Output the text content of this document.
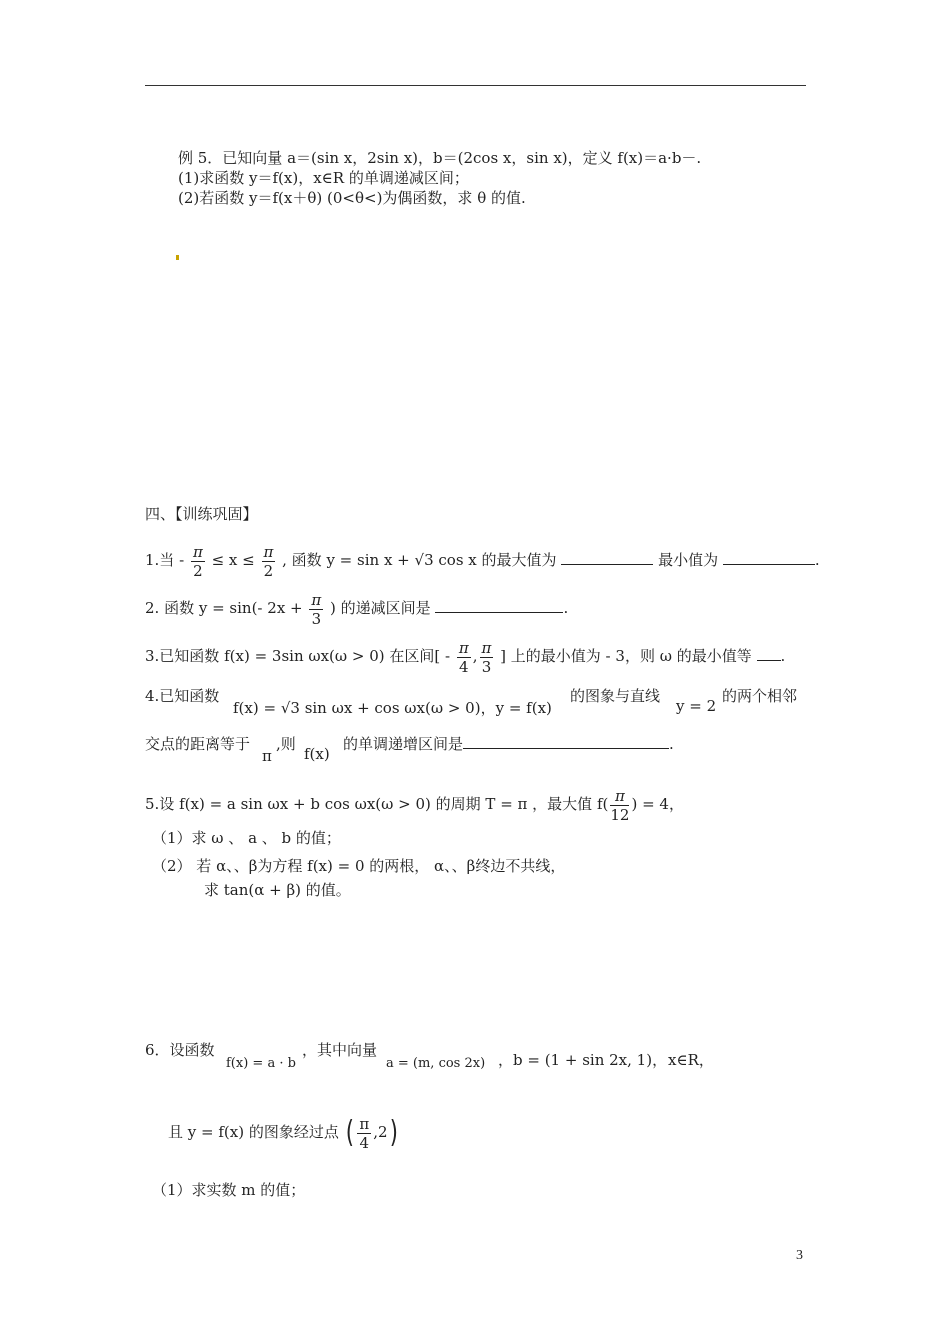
例 5．已知向量 a＝(sin x，2sin x)，b＝(2cos x，sin x)，定义 f(x)＝a·b－.
(1)求函数 y＝f(x)，x∈R 的单调递减区间；
(2)若函数 y＝f(x＋θ) (0<θ<)为偶函数，求 θ 的值.
四、【训练巩固】
1.当 - $\frac{\pi}{2} \le x \le \frac{\pi}{2}$ , 函数 y = sin x + √3 cos x 的最大值为	最小值为	.
2. 函数 y = sin(- $2x + \frac{\pi}{3}$ ) 的递减区间是	.
3.已知函数 f(x) = 3sin ωx(ω > 0) 在区间[ - $\frac{\pi}{4}$ , $\frac{\pi}{3}$ ] 上的最小值为 - 3，则 ω 的最小值等 .
4.已知函数
f(x) = √3 sin ωx + cos ωx(ω > 0)，y = f(x)
的图象与直线
y = 2
的两个相邻
交点的距离等于
π
,则
f(x)
的单调递增区间是	.
5.设 f(x) = a sin ωx + b cos ωx(ω > 0) 的周期 T = π ，最大值 $f( \frac{\pi}{12}$ ) = 4，
（1）求 ω 、 a 、 b 的值；
（2） 若 α、、β为方程 f(x) = 0 的两根， α、、β终边不共线，
求 tan(α + β) 的值。
6．设函数
f(x) = a · b
，其中向量
a = (m, cos 2x) ，b = (1 + sin 2x, 1)， x∈R，
且 y = f(x) 的图象经过点 ( $\frac{\pi}{4} ,2$)
（1）求实数 m 的值；
3
